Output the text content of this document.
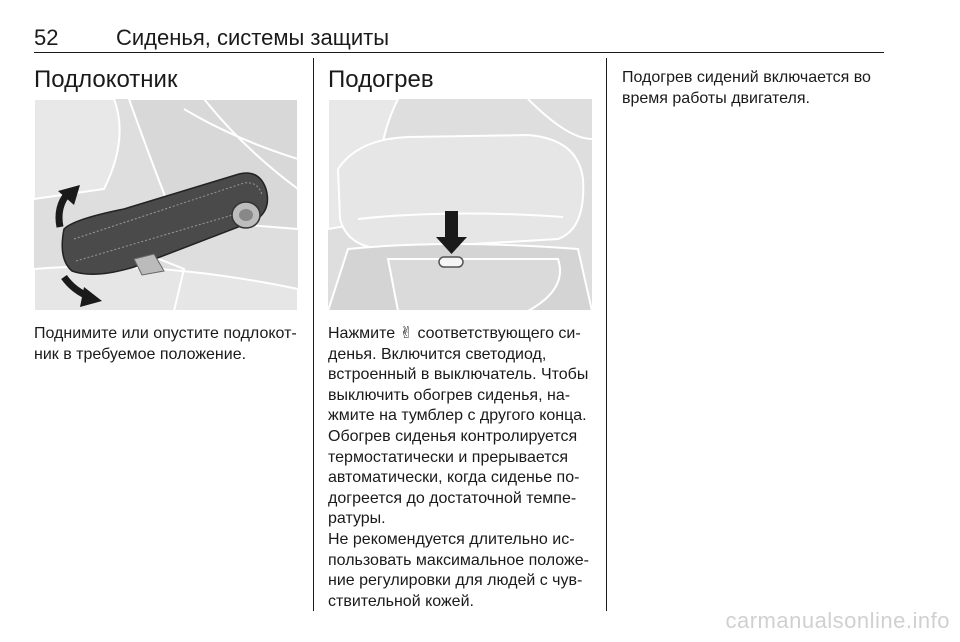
52	Сиденья, системы защиты
Подлокотник
Поднимите или опустите подлокот-
ник в требуемое положение.
Подогрев
Нажмите ✌ соответствующего си-
денья. Включится светодиод,
встроенный в выключатель. Чтобы
выключить обогрев сиденья, на-
жмите на тумблер с другого конца.
Обогрев сиденья контролируется
термостатически и прерывается
автоматически, когда сиденье по-
догреется до достаточной темпе-
ратуры.
Не рекомендуется длительно ис-
пользовать максимальное положе-
ние регулировки для людей с чув-
ствительной кожей.
Подогрев сидений включается во
время работы двигателя.
carmanualsonline.info
